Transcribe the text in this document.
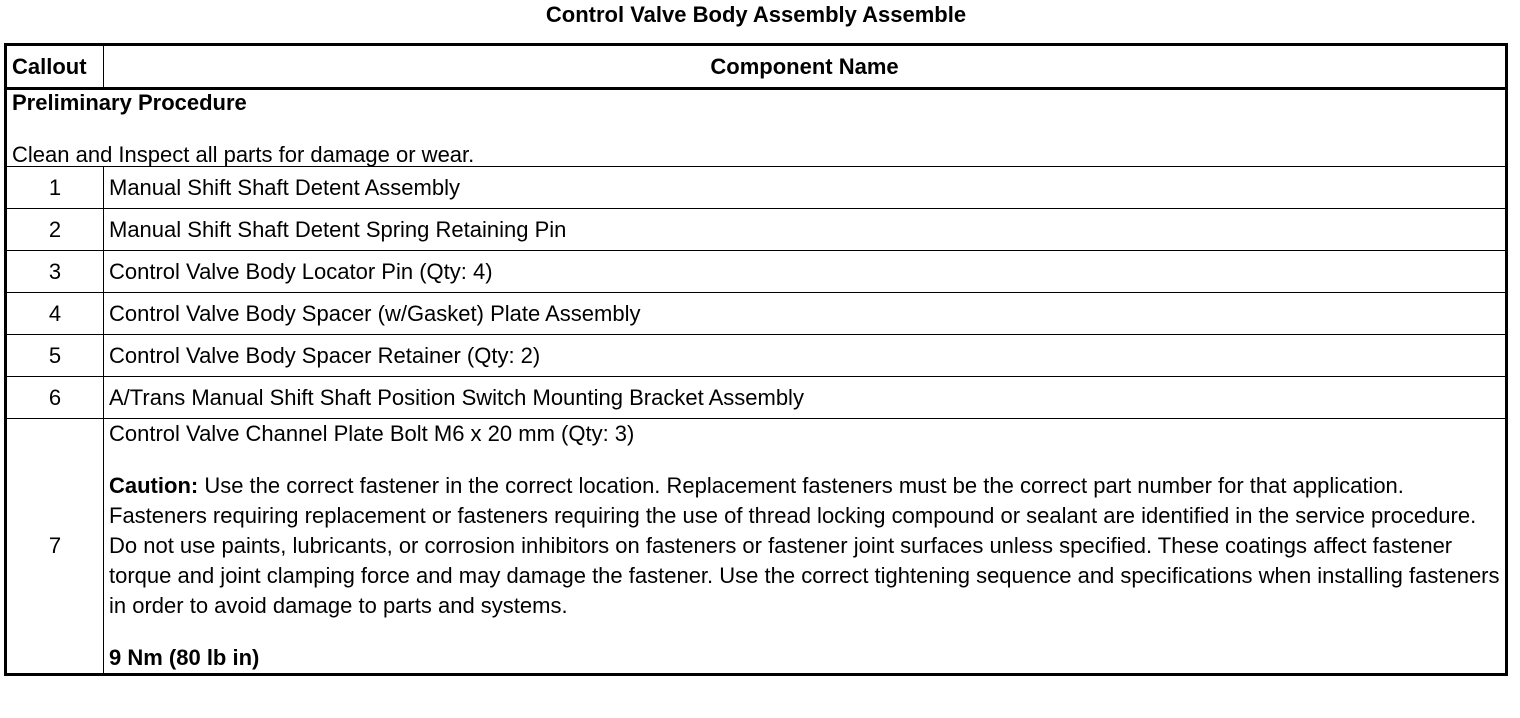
Control Valve Body Assembly Assemble
Callout	Component Name

Preliminary Procedure
Clean and Inspect all parts for damage or wear.	

1	Manual Shift Shaft Detent Assembly
2	Manual Shift Shaft Detent Spring Retaining Pin
3	Control Valve Body Locator Pin (Qty: 4)
4	Control Valve Body Spacer (w/Gasket) Plate Assembly
5	Control Valve Body Spacer Retainer (Qty: 2)
6	A/Trans Manual Shift Shaft Position Switch Mounting Bracket Assembly
7	Control Valve Channel Plate Bolt M6 x 20 mm (Qty: 3)
Caution: Use the correct fastener in the correct location. Replacement fasteners must be the correct part number for that application. Fasteners requiring replacement or fasteners requiring the use of thread locking compound or sealant are identified in the service procedure. Do not use paints, lubricants, or corrosion inhibitors on fasteners or fastener joint surfaces unless specified. These coatings affect fastener torque and joint clamping force and may damage the fastener. Use the correct tightening sequence and specifications when installing fasteners in order to avoid damage to parts and systems.
9 Nm (80 lb in)
